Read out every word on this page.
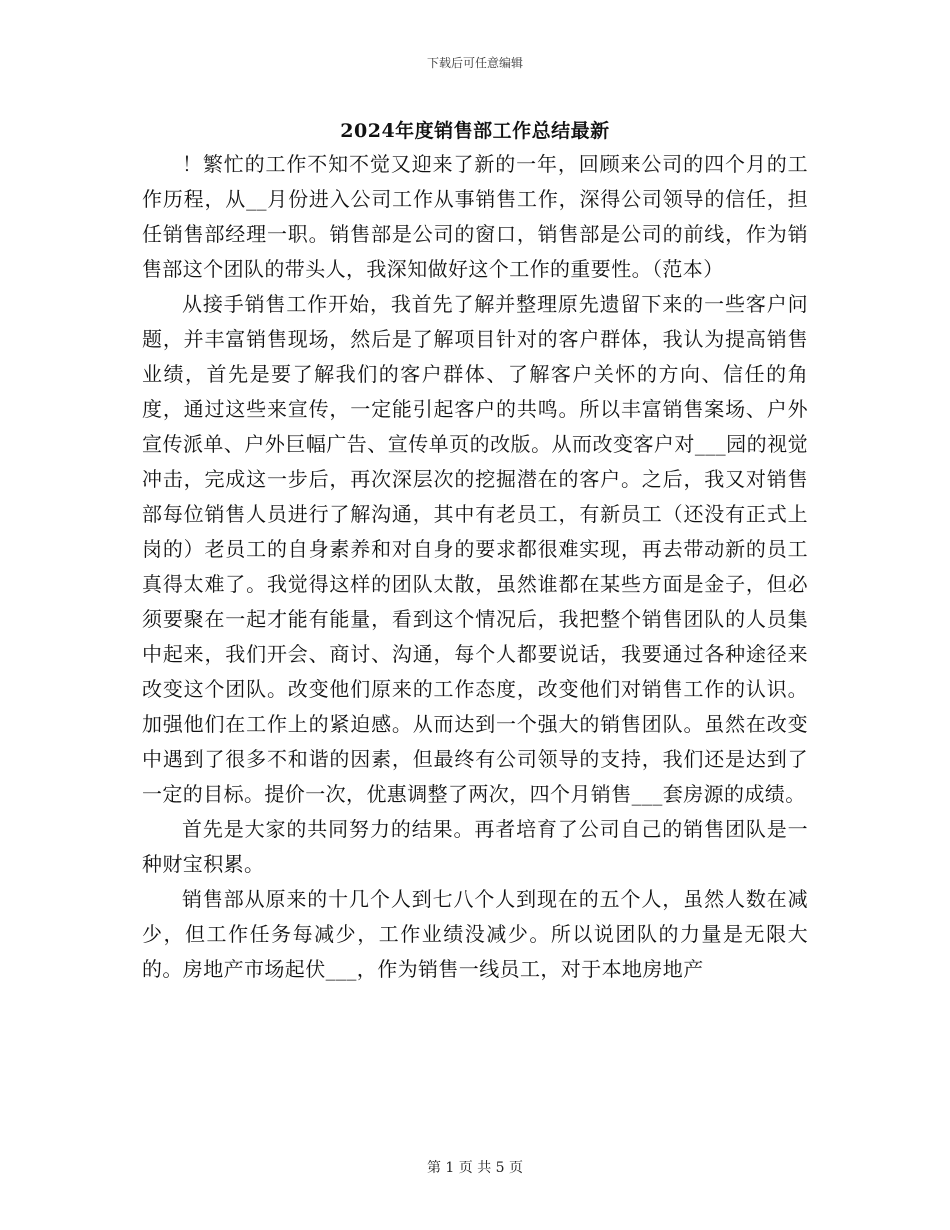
下载后可任意编辑
2024年度销售部工作总结最新

！繁忙的工作不知不觉又迎来了新的一年，回顾来公司的四个月的工作历程，从__月份进入公司工作从事销售工作，深得公司领导的信任，担任销售部经理一职。销售部是公司的窗口，销售部是公司的前线，作为销售部这个团队的带头人，我深知做好这个工作的重要性。（范本）

从接手销售工作开始，我首先了解并整理原先遗留下来的一些客户问题，并丰富销售现场，然后是了解项目针对的客户群体，我认为提高销售业绩，首先是要了解我们的客户群体、了解客户关怀的方向、信任的角度，通过这些来宣传，一定能引起客户的共鸣。所以丰富销售案场、户外宣传派单、户外巨幅广告、宣传单页的改版。从而改变客户对___园的视觉冲击，完成这一步后，再次深层次的挖掘潜在的客户。之后，我又对销售部每位销售人员进行了解沟通，其中有老员工，有新员工（还没有正式上岗的）老员工的自身素养和对自身的要求都很难实现，再去带动新的员工真得太难了。我觉得这样的团队太散，虽然谁都在某些方面是金子，但必须要聚在一起才能有能量，看到这个情况后，我把整个销售团队的人员集中起来，我们开会、商讨、沟通，每个人都要说话，我要通过各种途径来改变这个团队。改变他们原来的工作态度，改变他们对销售工作的认识。加强他们在工作上的紧迫感。从而达到一个强大的销售团队。虽然在改变中遇到了很多不和谐的因素，但最终有公司领导的支持，我们还是达到了一定的目标。提价一次，优惠调整了两次，四个月销售___套房源的成绩。

首先是大家的共同努力的结果。再者培育了公司自己的销售团队是一种财宝积累。

销售部从原来的十几个人到七八个人到现在的五个人，虽然人数在减少，但工作任务每减少，工作业绩没减少。所以说团队的力量是无限大的。房地产市场起伏___，作为销售一线员工，对于本地房地产

第 1 页 共 5 页
